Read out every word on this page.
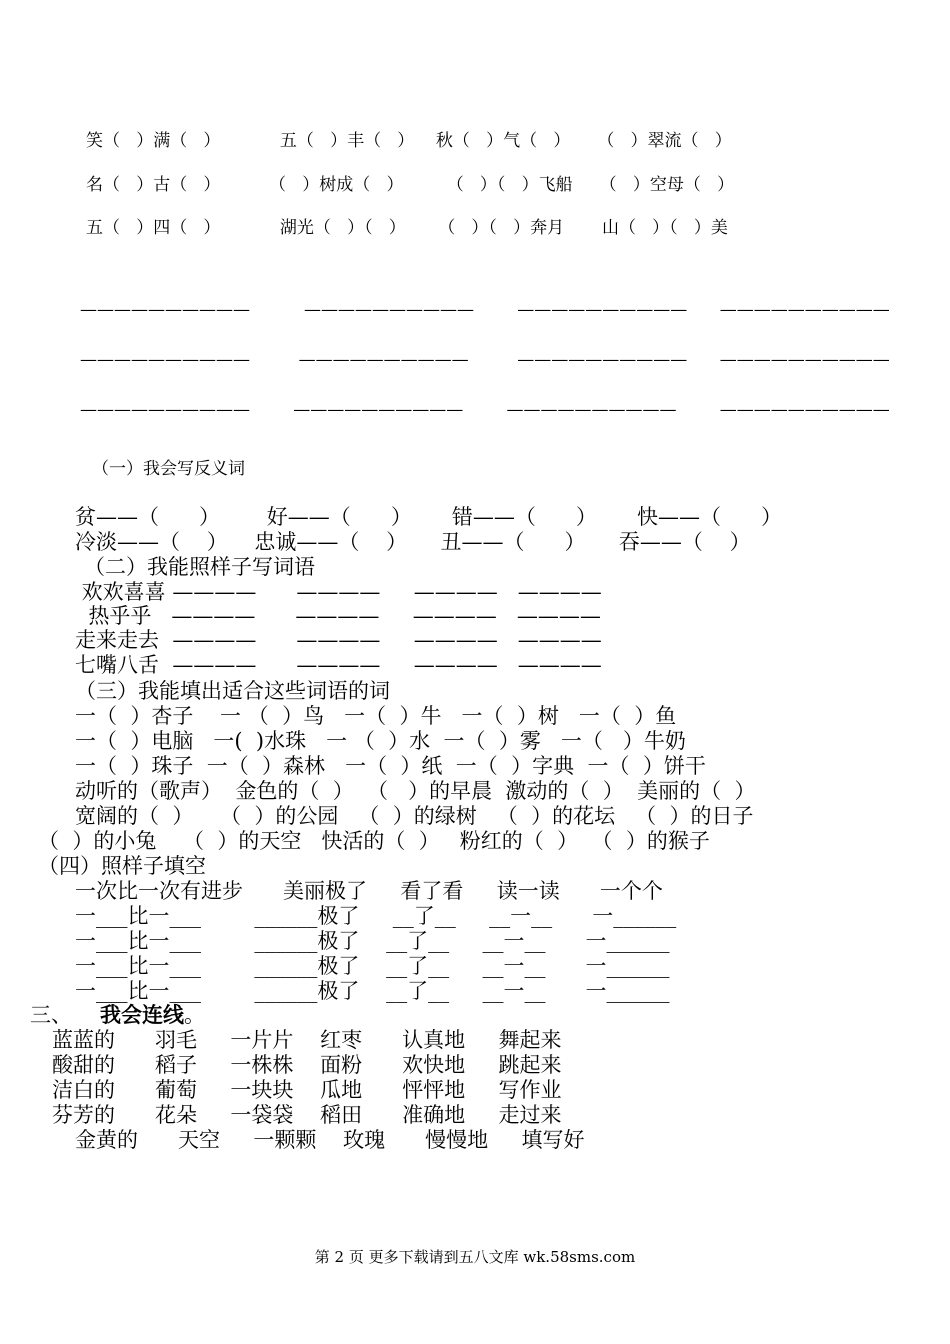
笑（   ）满（   ）           五（   ）丰（   ）    秋（   ）气（   ）     （   ）翠流（   ）
名（   ）古（   ）         （   ）树成（   ）        （   ）（   ）飞船     （   ）空母（   ）
五（   ）四（   ）           湖光（   ）（   ）      （   ）（   ）奔月       山（   ）（   ）美
——————————          ——————————        ——————————      ——————————
——————————         ——————————         ——————————      ——————————
——————————        ——————————        ——————————        ——————————
（一）我会写反义词
贫——（      ）       好——（      ）      错——（      ）      快——（      ）
冷淡——（    ）    忠诚——（    ）     丑——（      ）     吞——（    ）
（二）我能照样子写词语
欢欢喜喜 ————      ————     ————   ————
热乎乎   ————      ————     ————   ————
走来走去  ————      ————     ————   ————
七嘴八舌  ————      ————     ————   ————
（三）我能填出适合这些词语的词
一（  ）杏子    一 （  ）鸟   一（  ）牛   一（  ）树   一（  ）鱼
一（  ）电脑   一(  )水珠   一 （  ）水  一（  ）雾   一（   ）牛奶
一（  ）珠子  一（  ）森林   一（  ）纸  一（  ）字典  一（  ）饼干
动听的（歌声）  金色的（  ）  （   ）的早晨  激动的（  ）  美丽的（  ）
宽阔的（  ）    （  ）的公园   （  ）的绿树   （  ）的花坛   （  ）的日子
（  ）的小兔    （  ）的天空   快活的（  ）   粉红的（  ）  （  ）的猴子
（四）照样子填空
一次比一次有进步      美丽极了     看了看     读一读      一个个
一___比一___        ______极了     __了__     __一__      一______
一___比一___        ______极了    __了__     __一__      一______
一___比一___        ______极了    __了__     __一__      一______
一___比一___        ______极了    __了__     __一__      一______
三、 我会连线。
蓝蓝的      羽毛     一片片    红枣      认真地     舞起来
酸甜的      稻子     一株株    面粉      欢快地     跳起来
洁白的      葡萄     一块块    瓜地      怦怦地     写作业
芬芳的      花朵     一袋袋    稻田      准确地     走过来
金黄的      天空     一颗颗    玫瑰      慢慢地     填写好
第 2 页 更多下载请到五八文库 wk.58sms.com
